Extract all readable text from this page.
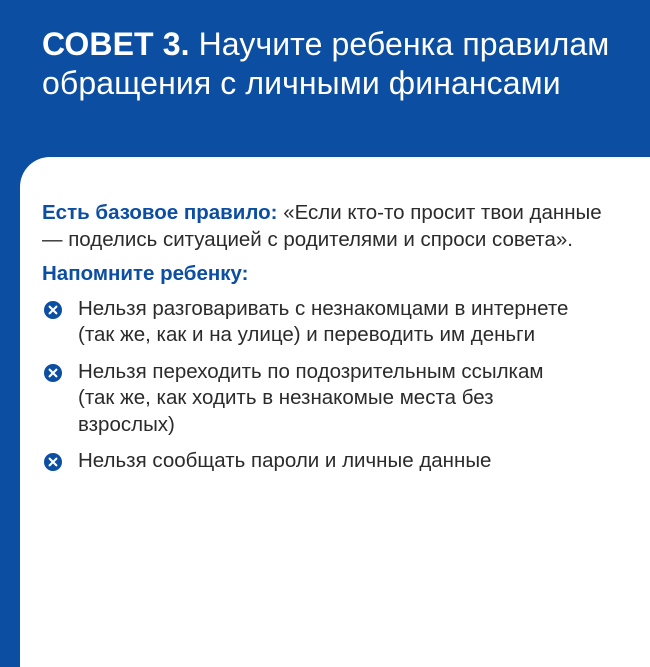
СОВЕТ 3. Научите ребенка правилам обращения с личными финансами

Есть базовое правило: «Если кто-то просит твои данные — поделись ситуацией с родителями и спроси совета».

Напомните ребенку:

Нельзя разговаривать с незнакомцами в интернете (так же, как и на улице) и переводить им деньги
Нельзя переходить по подозрительным ссылкам (так же, как ходить в незнакомые места без взрослых)
Нельзя сообщать пароли и личные данные
